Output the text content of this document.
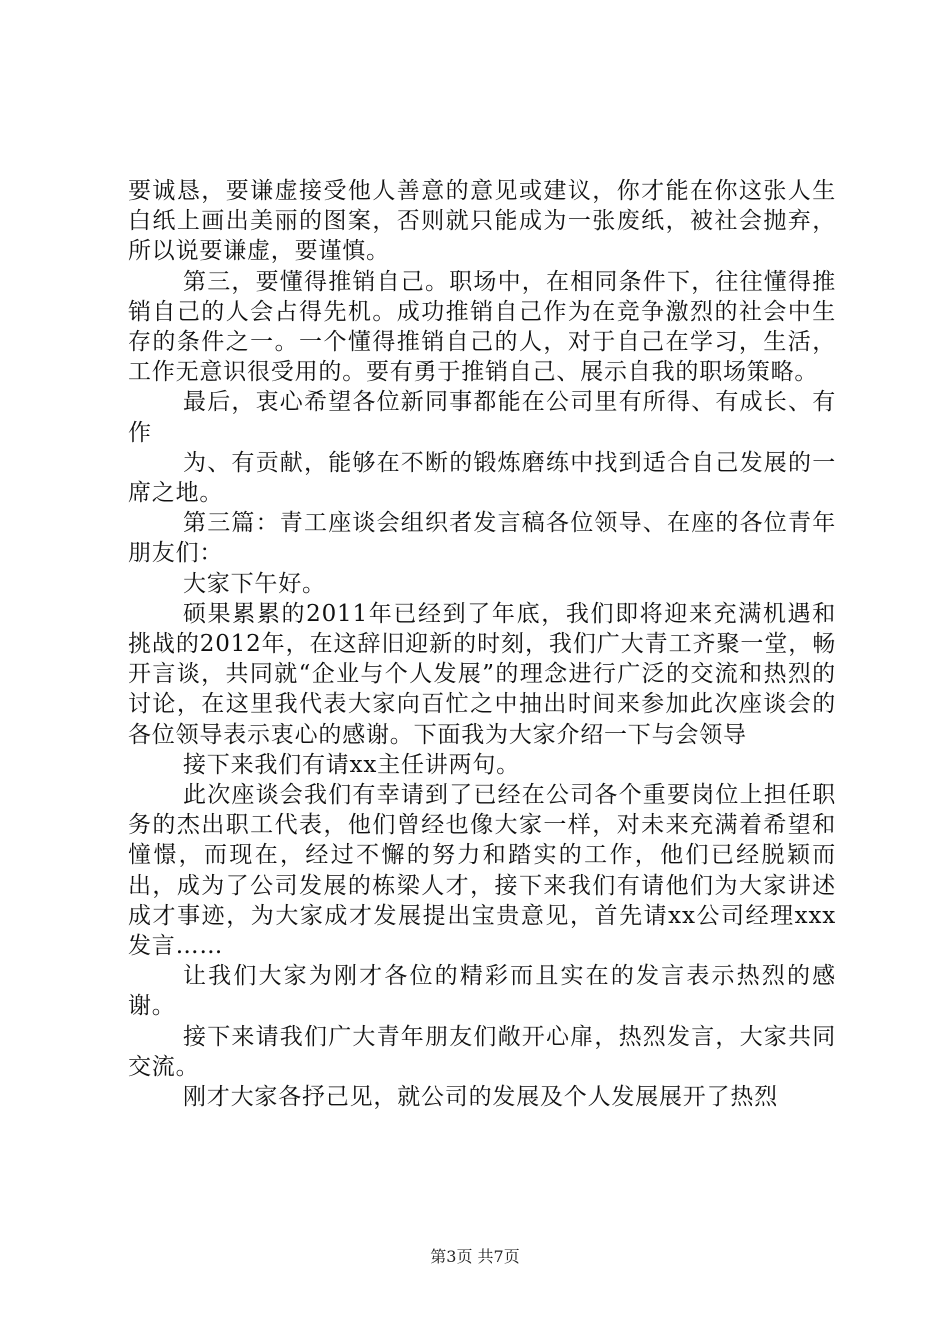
要诚恳，要谦虚接受他人善意的意见或建议，你才能在你这张人生白纸上画出美丽的图案，否则就只能成为一张废纸，被社会抛弃，所以说要谦虚，要谨慎。

第三，要懂得推销自己。职场中，在相同条件下，往往懂得推销自己的人会占得先机。成功推销自己作为在竞争激烈的社会中生存的条件之一。一个懂得推销自己的人，对于自己在学习，生活，工作无意识很受用的。要有勇于推销自己、展示自我的职场策略。

最后，衷心希望各位新同事都能在公司里有所得、有成长、有作

为、有贡献，能够在不断的锻炼磨练中找到适合自己发展的一席之地。

第三篇：青工座谈会组织者发言稿各位领导、在座的各位青年朋友们：

大家下午好。

硕果累累的2011年已经到了年底，我们即将迎来充满机遇和挑战的2012年，在这辞旧迎新的时刻，我们广大青工齐聚一堂，畅开言谈，共同就“企业与个人发展”的理念进行广泛的交流和热烈的讨论，在这里我代表大家向百忙之中抽出时间来参加此次座谈会的各位领导表示衷心的感谢。下面我为大家介绍一下与会领导

接下来我们有请xx主任讲两句。

此次座谈会我们有幸请到了已经在公司各个重要岗位上担任职务的杰出职工代表，他们曾经也像大家一样，对未来充满着希望和憧憬，而现在，经过不懈的努力和踏实的工作，他们已经脱颖而出，成为了公司发展的栋梁人才，接下来我们有请他们为大家讲述成才事迹，为大家成才发展提出宝贵意见，首先请xx公司经理xxx发言……

让我们大家为刚才各位的精彩而且实在的发言表示热烈的感谢。

接下来请我们广大青年朋友们敞开心扉，热烈发言，大家共同交流。

刚才大家各抒己见，就公司的发展及个人发展展开了热烈

第3页 共7页
